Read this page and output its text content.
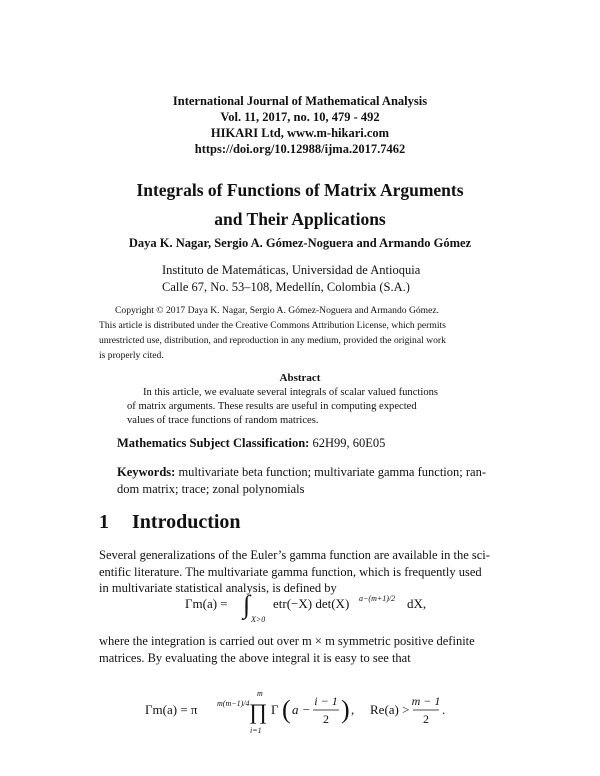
International Journal of Mathematical Analysis
Vol. 11, 2017, no. 10, 479 - 492
HIKARI Ltd, www.m-hikari.com
https://doi.org/10.12988/ijma.2017.7462
Integrals of Functions of Matrix Arguments
and Their Applications
Daya K. Nagar, Sergio A. Gómez-Noguera and Armando Gómez
Instituto de Matemáticas, Universidad de Antioquia
Calle 67, No. 53–108, Medellín, Colombia (S.A.)
Copyright © 2017 Daya K. Nagar, Sergio A. Gómez-Noguera and Armando Gómez.
This article is distributed under the Creative Commons Attribution License, which permits
unrestricted use, distribution, and reproduction in any medium, provided the original work
is properly cited.
Abstract
In this article, we evaluate several integrals of scalar valued functions
of matrix arguments. These results are useful in computing expected
values of trace functions of random matrices.
Mathematics Subject Classification: 62H99, 60E05
Keywords: multivariate beta function; multivariate gamma function; ran-
dom matrix; trace; zonal polynomials
1 Introduction
Several generalizations of the Euler’s gamma function are available in the sci-
entific literature. The multivariate gamma function, which is frequently used
in multivariate statistical analysis, is defined by
Γm(a) = ∫
X>0
etr(−X) det(X) a−(m+1)/2 dX,
where the integration is carried out over m × m symmetric positive definite
matrices. By evaluating the above integral it is easy to see that
Γm(a) = π m(m−1)/4
m
∏
i=1
Γ ( a −
i − 1
2 ) , Re(a) >
m − 1
2
.
